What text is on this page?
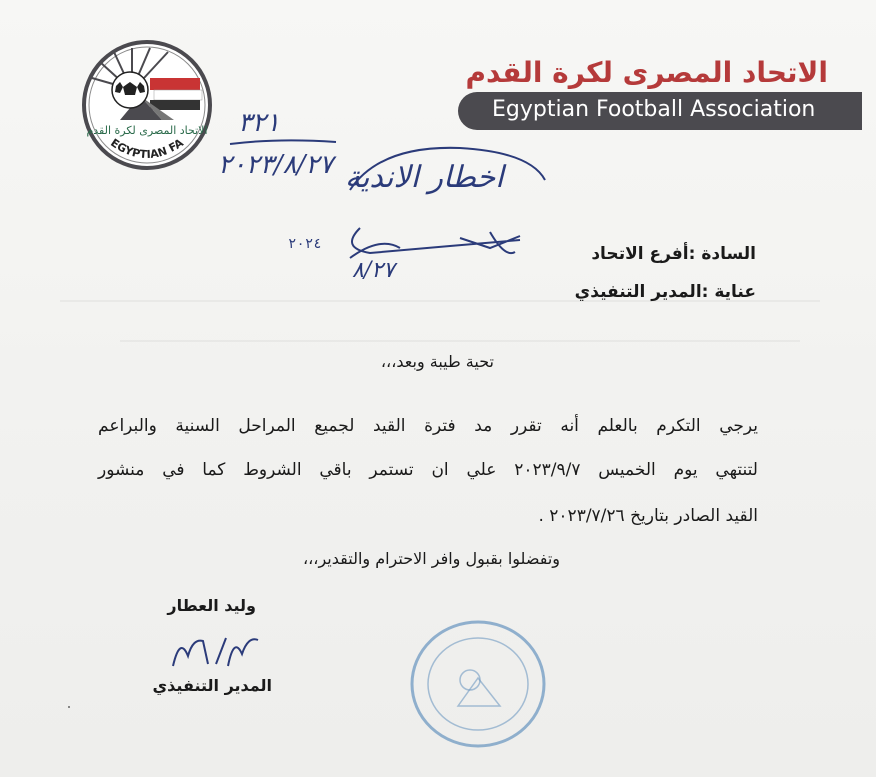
الاتحاد المصرى لكرة القدم
EGYPTIAN FA
الاتحاد المصرى لكرة القدم
Egyptian Football Association
٣٢١
٢٠٢٣/٨/٢٧ اخطار الاندية
٢٠٢٤
٨/٢٧
السادة :أفرع الاتحاد
عناية :المدير التنفيذي
تحية طيبة وبعد،،،
يرجي التكرم بالعلم أنه تقرر مد فترة القيد لجميع المراحل السنية والبراعم
لتنتهي يوم الخميس ٢٠٢٣/٩/٧ علي ان تستمر باقي الشروط كما في منشور
القيد الصادر بتاريخ ٢٠٢٣/٧/٢٦ .
وتفضلوا بقبول وافر الاحترام والتقدير،،،
وليد العطار
المدير التنفيذي
